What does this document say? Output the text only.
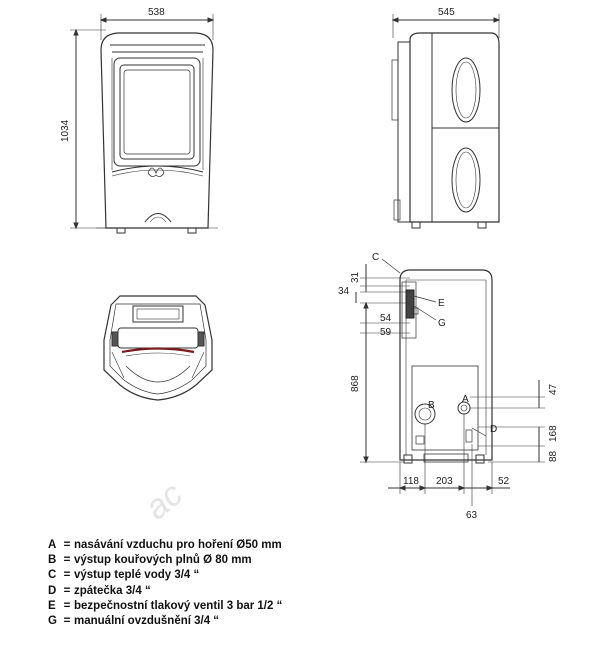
ac
538
1034
545
C
E
G
A
B
D
31
34
54
59
868	47
168
88
118 203	52
63
A = nasávání vzduchu pro hoření Ø50 mm
B = výstup kouřových plnů Ø 80 mm
C = výstup teplé vody 3/4 “
D = zpátečka 3/4 “
E = bezpečnostní tlakový ventil 3 bar 1/2 “
G = manuální ovzdušnění 3/4 “
